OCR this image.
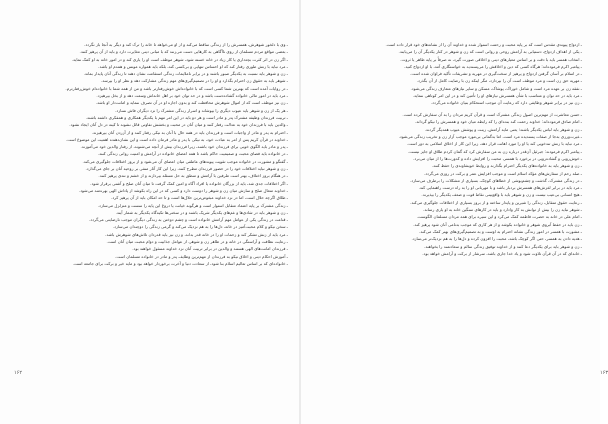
ـ وی با دلخور شوهرش، همسرش را از زندگی ساقط می‌کند و از او می‌خواهد تا خانه را ترک کند و دیگر به آنجا باز نگردد.

ـ بعضی مواقع مردم مسلمان از روی ناآگاهی به کارهایی دست می‌زنند که با مبانی دینی مغایرت دارد و باید از آن پرهیز کنند.

ـ اگر زن در اثر کثرت بچه‌داری یا کار زیاد در خانه خسته شود، شوهر موظف است او را یاری کند و در امور خانه به او کمک نماید.

ـ مرد نباید با زنش طوری رفتار کند که او احساس تنهایی و بی‌کسی کند، بلکه باید همواره مونس و همدم او باشد.

ـ زن و شوهر باید نسبت به یکدیگر صبور باشند و در برابر ناملایمات زندگی استقامت نشان دهند تا زندگی آنان پایدار بماند.

ـ شوهر باید به حقوق زن احترام بگذارد و او را در تصمیم‌گیری‌های مهم زندگی مشارکت دهد و نظر او را بپرسد.

ـ در روایات آمده است که بهترین شما کسی است که با خانواده‌اش خوش‌رفتارتر باشد و من از همه شما با خانواده‌ام خوش‌رفتارترم.

ـ مرد باید در امور مالی خانواده گشاده‌دست باشد و در حد توان خود بر اهل خانه‌اش وسعت دهد و از بخل بپرهیزد.

ـ زن نیز موظف است که از اموال شوهرش محافظت کند و بدون اجازه او در آن تصرف ننماید و امانت‌دار او باشد.

ـ هر یک از زن و شوهر باید عیوب دیگری را بپوشاند و اسرار زندگی مشترک را نزد دیگران فاش نسازد.

ـ تربیت فرزندان وظیفه مشترک پدر و مادر است و هر دو باید در این امر مهم با یکدیگر همکاری و همفکری داشته باشند.

ـ والدین باید با فرزندان خود به عدالت رفتار کنند و میان آنان در محبت و بخشش تفاوتی قائل نشوند تا کینه در دل آنان ایجاد نشود.

ـ احترام به پدر و مادر از واجبات است و فرزندان باید در همه حال با آنان به نیکی رفتار کنند و از آزردن آنان بپرهیزند.

ـ خداوند در قرآن کریم پس از امر به عبادت خود، به نیکی با پدر و مادر فرمان داده است و این نشان‌دهنده اهمیت این موضوع است.

ـ پدر و مادر باید الگوی خوبی برای فرزندان خود باشند، زیرا فرزندان بیش از آنچه می‌شنوند، از رفتار والدین خود می‌آموزند.

ـ در خانواده باید فضای محبت و صمیمیت حاکم باشد تا همه اعضای خانواده در آرامش و امنیت روانی زندگی کنند.

ـ گفتگو و مشورت در خانواده موجب تقویت پیوندهای عاطفی میان اعضای آن می‌شود و از بروز اختلافات جلوگیری می‌کند.

ـ زن و شوهر نباید اختلافات خود را در حضور فرزندان مطرح کنند، زیرا این کار آثار منفی بر روحیه آنان بر جای می‌گذارد.

ـ در هنگام بروز اختلاف، بهتر است طرفین با آرامش و منطق به حل مسئله بپردازند و از خشم و تندی پرهیز کنند.

ـ اگر اختلافات جدی شد، باید از بزرگان خانواده یا افراد آگاه و امین کمک گرفت تا میان آنان صلح و آشتی برقرار شود.

ـ خداوند متعال صلح و سازش میان زن و شوهر را دوست دارد و کسی که در این راه بکوشد از پاداش الهی بهره‌مند می‌شود.

ـ طلاق اگرچه حلال است، اما در نزد خداوند مبغوض‌ترین حلال‌ها است و تا حد امکان باید از آن پرهیز کرد.

ـ زندگی مشترک بر پایه اعتماد متقابل استوار است و هرگونه خیانت یا دروغ این پایه را سست و متزلزل می‌سازد.

ـ زن و شوهر باید در شادی‌ها و غم‌های یکدیگر شریک باشند و در سختی‌ها تکیه‌گاه یکدیگر به شمار آیند.

ـ قناعت در زندگی یکی از عوامل مهم آرامش خانواده است و چشم دوختن به زندگی دیگران موجب نارضایتی می‌گردد.

ـ سخن نیکو و کلام محبت‌آمیز در خانه، دل‌ها را به هم نزدیک می‌کند و گرمی زندگی را دوچندان می‌سازد.

ـ مرد باید از زنش تشکر کند و زحمات او را در خانه قدر بداند، و زن نیز باید قدردان تلاش‌های شوهرش باشد.

ـ رعایت نظافت و آراستگی در خانه و در ظاهر زن و شوهر، از عوامل جذابیت و دوام محبت میان آنان است.

ـ فرزندان امانت‌های الهی هستند و والدین در برابر تربیت آنان نزد خداوند مسئول خواهند بود.

ـ آموزش احکام دینی و اخلاق نیکو به فرزندان از مهم‌ترین وظایف پدر و مادر در خانواده مسلمان است.

ـ خانواده‌ای که بر اساس تعالیم اسلام بنا شود، از سعادت دنیا و آخرت برخوردار خواهد بود و مایه خیر و برکت برای جامعه است.

۱۶۲

ـ ازدواج پیوندی مقدس است که بر پایه محبت و رحمت استوار شده و خداوند آن را از نشانه‌های خود قرار داده است.

ـ یکی از اهداف ازدواج، دستیابی به آرامش روحی و روانی است که زن و شوهر در کنار یکدیگر آن را می‌یابند.

ـ انتخاب همسر باید با دقت و بر اساس معیارهای دینی و اخلاقی صورت گیرد، نه صرفاً بر پایه ظاهر یا ثروت.

ـ پیامبر اکرم فرموده‌اند: هرگاه کسی که دین و اخلاقش را می‌پسندید به خواستگاری آمد، با او ازدواج کنید.

ـ در اسلام بر آسان گرفتن ازدواج و پرهیز از سخت‌گیری در مهریه و تشریفات تأکید فراوان شده است.

ـ مهریه حق زن است و مرد موظف است آن را بپردازد، مگر اینکه زن با رضایت کامل از آن بگذرد.

ـ نفقه زن بر عهده مرد است و شامل خوراک، پوشاک، مسکن و سایر نیازهای متعارف زندگی می‌شود.

ـ مرد باید در حد توان و متناسب با شأن همسرش نیازهای او را تأمین کند و در این امر کوتاهی ننماید.

ـ زن نیز در برابر شوهر وظایفی دارد که رعایت آن موجب استحکام بنیان خانواده می‌گردد.

ـ حسن معاشرت از مهم‌ترین اصول زندگی مشترک است و قرآن کریم مردان را به آن سفارش کرده است.

ـ امام صادق فرموده‌اند: خداوند رحمت کند بنده‌ای را که رابطه میان خود و همسرش را نیکو گرداند.

ـ زن و شوهر باید لباس یکدیگر باشند؛ یعنی مایه آرامش، زینت و پوشش عیوب همدیگر گردند.

ـ غیرت‌ورزی به‌جا از صفات پسندیده مرد است، اما بدگمانی بی‌مورد موجب آزار زن و تخریب زندگی می‌شود.

ـ مرد نباید با زنش تندخویی کند یا او را مورد اهانت قرار دهد، زیرا این کار از اخلاق اسلامی به دور است.

ـ پیامبر اکرم فرمودند: جبرئیل آن‌قدر درباره زن به من سفارش کرد که گمان کردم طلاق او جایز نیست.

ـ خوش‌رویی و گشاده‌رویی در برخورد با همسر، محبت را افزایش داده و کدورت‌ها را از میان می‌برد.

ـ زن و شوهر باید به خانواده‌های یکدیگر احترام بگذارند و روابط خویشاوندی را حفظ کنند.

ـ صله رحم از سفارش‌های مؤکد اسلام است و موجب افزایش عمر و برکت در روزی می‌گردد.

ـ در زندگی مشترک، گذشت و چشم‌پوشی از خطاهای کوچک، بسیاری از مشکلات را برطرف می‌سازد.

ـ مرد باید در برابر لغزش‌های همسرش بردبار باشد و با مهربانی او را به راه درست راهنمایی کند.

ـ هیچ انسانی بی‌عیب نیست و زن و شوهر باید با واقع‌بینی نقاط قوت و ضعف یکدیگر را بپذیرند.

ـ رعایت حقوق متقابل، زندگی را شیرین و پایدار ساخته و از بروز بسیاری از اختلافات جلوگیری می‌کند.

ـ شوهر نباید زن را بیش از توانش به کار وادارد و باید در کارهای سنگین خانه به او یاری رساند.

ـ امام علی در خانه به حضرت فاطمه کمک می‌کرد و این سیره برای همه مردان مسلمان الگوست.

ـ زن باید در حفظ آبروی شوهر و خانواده بکوشد و از هر کاری که موجب بدنامی آنان شود پرهیز کند.

ـ مشورت با همسر در امور زندگی نشانه احترام به اوست و به تصمیم‌گیری‌های بهتر کمک می‌کند.

ـ هدیه دادن به همسر، حتی اگر کوچک باشد، محبت را افزون کرده و دل‌ها را به هم نزدیک‌تر می‌سازد.

ـ زن و شوهر باید برای یکدیگر دعا کنند و از خداوند توفیق زندگی سالم و سعادتمند را بخواهند.

ـ خانه‌ای که در آن قرآن تلاوت شود و یاد خدا جاری باشد، سرشار از برکت و آرامش خواهد بود.

۱۶۳
